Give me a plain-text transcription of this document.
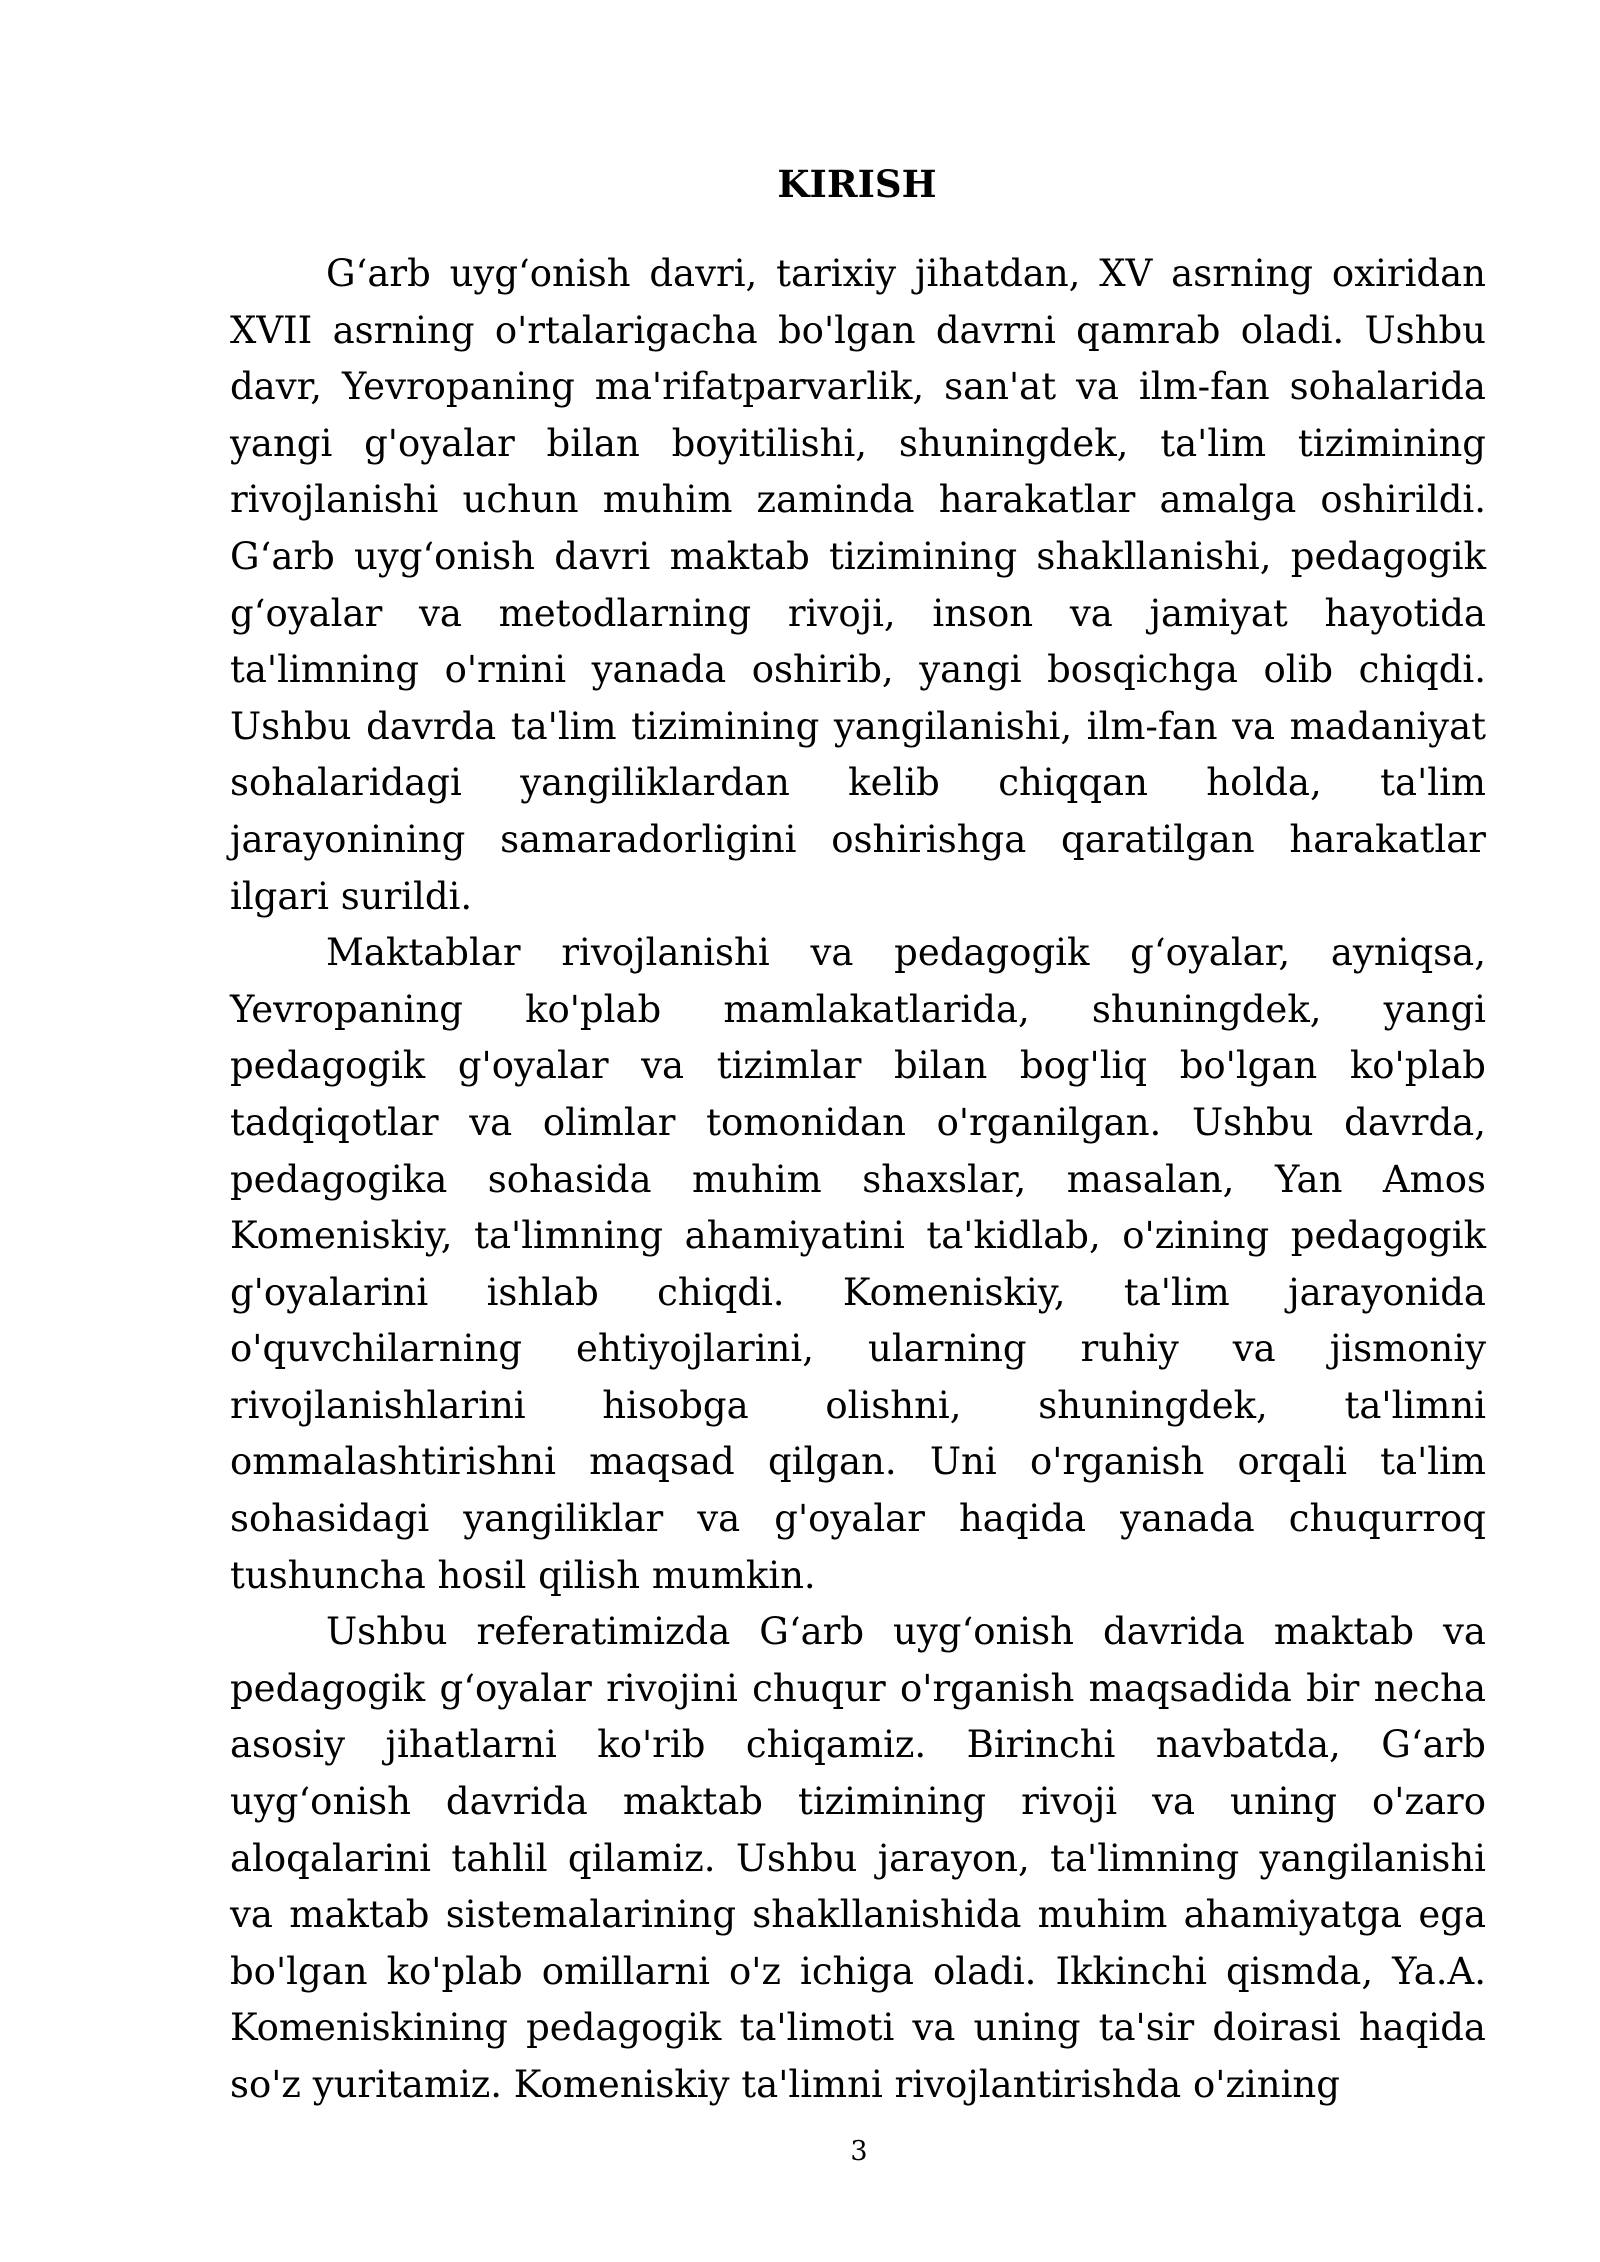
KIRISH

G‘arb uyg‘onish davri, tarixiy jihatdan, XV asrning oxiridan XVII asrning o'rtalarigacha bo'lgan davrni qamrab oladi. Ushbu davr, Yevropaning ma'rifatparvarlik, san'at va ilm-fan sohalarida yangi g'oyalar bilan boyitilishi, shuningdek, ta'lim tizimining rivojlanishi uchun muhim zaminda harakatlar amalga oshirildi. G‘arb uyg‘onish davri maktab tizimining shakllanishi, pedagogik g‘oyalar va metodlarning rivoji, inson va jamiyat hayotida ta'limning o'rnini yanada oshirib, yangi bosqichga olib chiqdi. Ushbu davrda ta'lim tizimining yangilanishi, ilm-fan va madaniyat sohalaridagi yangiliklardan kelib chiqqan holda, ta'lim jarayonining samaradorligini oshirishga qaratilgan harakatlar ilgari surildi.

Maktablar rivojlanishi va pedagogik g‘oyalar, ayniqsa, Yevropaning ko'plab mamlakatlarida, shuningdek, yangi pedagogik g'oyalar va tizimlar bilan bog'liq bo'lgan ko'plab tadqiqotlar va olimlar tomonidan o'rganilgan. Ushbu davrda, pedagogika sohasida muhim shaxslar, masalan, Yan Amos Komeniskiy, ta'limning ahamiyatini ta'kidlab, o'zining pedagogik g'oyalarini ishlab chiqdi. Komeniskiy, ta'lim jarayonida o'quvchilarning ehtiyojlarini, ularning ruhiy va jismoniy rivojlanishlarini hisobga olishni, shuningdek, ta'limni ommalashtirishni maqsad qilgan. Uni o'rganish orqali ta'lim sohasidagi yangiliklar va g'oyalar haqida yanada chuqurroq tushuncha hosil qilish mumkin.

Ushbu referatimizda G‘arb uyg‘onish davrida maktab va pedagogik g‘oyalar rivojini chuqur o'rganish maqsadida bir necha asosiy jihatlarni ko'rib chiqamiz. Birinchi navbatda, G‘arb uyg‘onish davrida maktab tizimining rivoji va uning o'zaro aloqalarini tahlil qilamiz. Ushbu jarayon, ta'limning yangilanishi va maktab sistemalarining shakllanishida muhim ahamiyatga ega bo'lgan ko'plab omillarni o'z ichiga oladi. Ikkinchi qismda, Ya.A. Komeniskining pedagogik ta'limoti va uning ta'sir doirasi haqida so'z yuritamiz. Komeniskiy ta'limni rivojlantirishda o'zining

3
